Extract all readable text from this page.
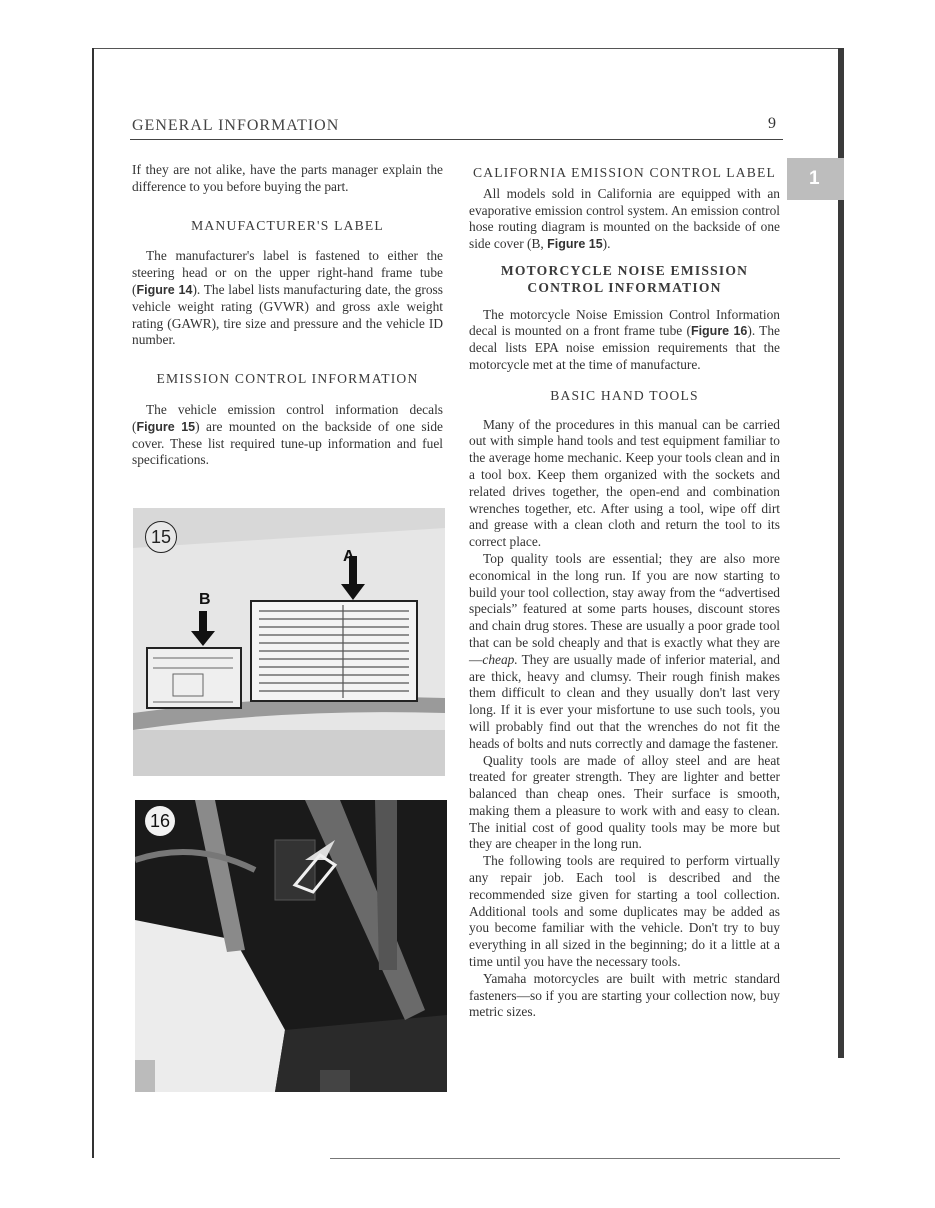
1
GENERAL INFORMATION	9

If they are not alike, have the parts manager explain the difference to you before buying the part.

MANUFACTURER'S LABEL

The manufacturer's label is fastened to either the steering head or on the upper right-hand frame tube (Figure 14). The label lists manufacturing date, the gross vehicle weight rating (GVWR) and gross axle weight rating (GAWR), tire size and pressure and the vehicle ID number.

EMISSION CONTROL INFORMATION

The vehicle emission control information decals (Figure 15) are mounted on the backside of one side cover. These list required tune-up information and fuel specifications.

15
A
B
16
CALIFORNIA EMISSION CONTROL LABEL

All models sold in California are equipped with an evaporative emission control system. An emission control hose routing diagram is mounted on the backside of one side cover (B, Figure 15).

MOTORCYCLE NOISE EMISSION
CONTROL INFORMATION

The motorcycle Noise Emission Control Information decal is mounted on a front frame tube (Figure 16). The decal lists EPA noise emission requirements that the motorcycle met at the time of manufacture.

BASIC HAND TOOLS

Many of the procedures in this manual can be carried out with simple hand tools and test equipment familiar to the average home mechanic. Keep your tools clean and in a tool box. Keep them organized with the sockets and related drives together, the open-end and combination wrenches together, etc. After using a tool, wipe off dirt and grease with a clean cloth and return the tool to its correct place.

Top quality tools are essential; they are also more economical in the long run. If you are now starting to build your tool collection, stay away from the “advertised specials” featured at some parts houses, discount stores and chain drug stores. These are usually a poor grade tool that can be sold cheaply and that is exactly what they are—cheap. They are usually made of inferior material, and are thick, heavy and clumsy. Their rough finish makes them difficult to clean and they usually don't last very long. If it is ever your misfortune to use such tools, you will probably find out that the wrenches do not fit the heads of bolts and nuts correctly and damage the fastener.

Quality tools are made of alloy steel and are heat treated for greater strength. They are lighter and better balanced than cheap ones. Their surface is smooth, making them a pleasure to work with and easy to clean. The initial cost of good quality tools may be more but they are cheaper in the long run.

The following tools are required to perform virtually any repair job. Each tool is described and the recommended size given for starting a tool collection. Additional tools and some duplicates may be added as you become familiar with the vehicle. Don't try to buy everything in all sized in the beginning; do it a little at a time until you have the necessary tools.

Yamaha motorcycles are built with metric standard fasteners—so if you are starting your collection now, buy metric sizes.
